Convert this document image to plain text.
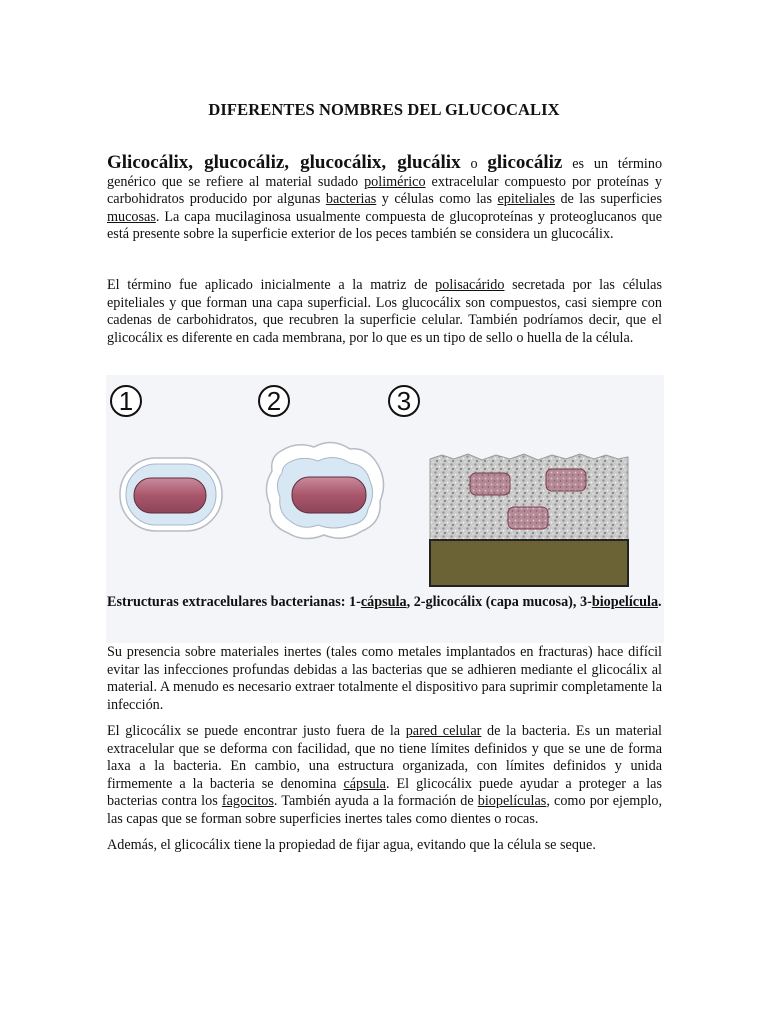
DIFERENTES NOMBRES DEL GLUCOCALIX

Glicocálix, glucocáliz, glucocálix, glucálix o glicocáliz es un término genérico que se refiere al material sudado polimérico extracelular compuesto por proteínas y carbohidratos producido por algunas bacterias y células como las epiteliales de las superficies mucosas. La capa mucilaginosa usualmente compuesta de glucoproteínas y proteoglucanos que está presente sobre la superficie exterior de los peces también se considera un glucocálix.

El término fue aplicado inicialmente a la matriz de polisacárido secretada por las células epiteliales y que forman una capa superficial. Los glucocálix son compuestos, casi siempre con cadenas de carbohidratos, que recubren la superficie celular. También podríamos decir, que el glicocálix es diferente en cada membrana, por lo que es un tipo de sello o huella de la célula.

1	2	3

Estructuras extracelulares bacterianas: 1-cápsula, 2-glicocálix (capa mucosa), 3-biopelícula.

Su presencia sobre materiales inertes (tales como metales implantados en fracturas) hace difícil evitar las infecciones profundas debidas a las bacterias que se adhieren mediante el glicocálix al material. A menudo es necesario extraer totalmente el dispositivo para suprimir completamente la infección.

El glicocálix se puede encontrar justo fuera de la pared celular de la bacteria. Es un material extracelular que se deforma con facilidad, que no tiene límites definidos y que se une de forma laxa a la bacteria. En cambio, una estructura organizada, con límites definidos y unida firmemente a la bacteria se denomina cápsula. El glicocálix puede ayudar a proteger a las bacterias contra los fagocitos. También ayuda a la formación de biopelículas, como por ejemplo, las capas que se forman sobre superficies inertes tales como dientes o rocas.

Además, el glicocálix tiene la propiedad de fijar agua, evitando que la célula se seque.
